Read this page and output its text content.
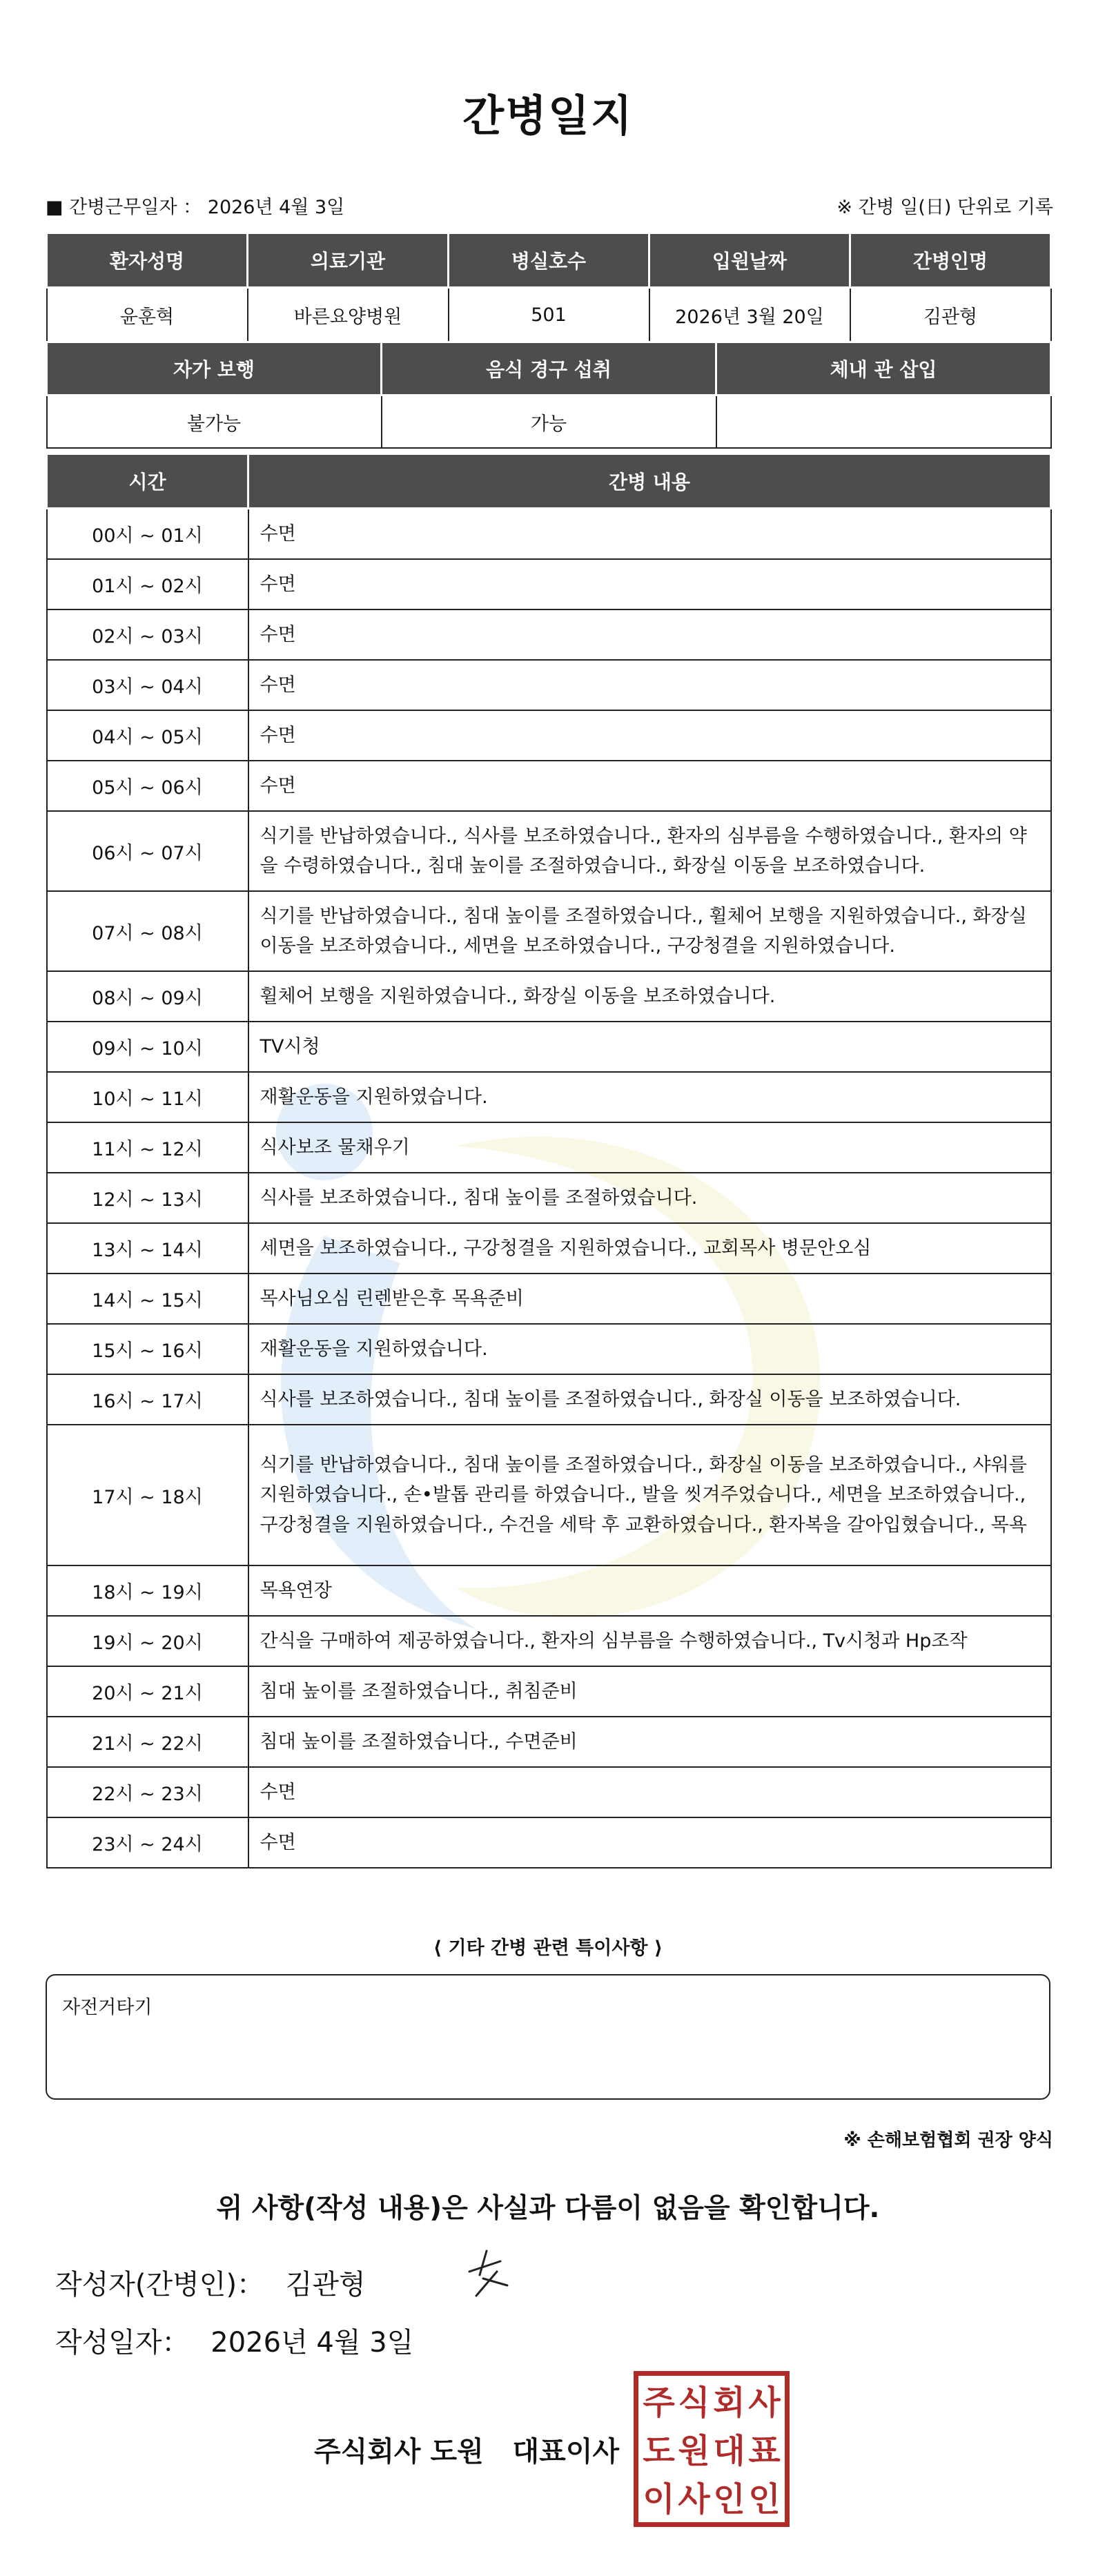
간병일지
■ 간병근무일자 ： 2026년 4월 3일	※ 간병 일(日) 단위로 기록
환자성명	의료기관	병실호수	입원날짜	간병인명
윤훈혁	바른요양병원	501	2026년 3월 20일	김관형
자가 보행	음식 경구 섭취	체내 관 삽입
불가능	가능	
시간	간병 내용
00시 ~ 01시	수면
01시 ~ 02시	수면
02시 ~ 03시	수면
03시 ~ 04시	수면
04시 ~ 05시	수면
05시 ~ 06시	수면
06시 ~ 07시	식기를 반납하였습니다., 식사를 보조하였습니다., 환자의 심부름을 수행하였습니다., 환자의 약을 수령하였습니다., 침대 높이를 조절하였습니다., 화장실 이동을 보조하였습니다.
07시 ~ 08시	식기를 반납하였습니다., 침대 높이를 조절하였습니다., 휠체어 보행을 지원하였습니다., 화장실 이동을 보조하였습니다., 세면을 보조하였습니다., 구강청결을 지원하였습니다.
08시 ~ 09시	휠체어 보행을 지원하였습니다., 화장실 이동을 보조하였습니다.
09시 ~ 10시	TV시청
10시 ~ 11시	재활운동을 지원하였습니다.
11시 ~ 12시	식사보조 물채우기
12시 ~ 13시	식사를 보조하였습니다., 침대 높이를 조절하였습니다.
13시 ~ 14시	세면을 보조하였습니다., 구강청결을 지원하였습니다., 교회목사 병문안오심
14시 ~ 15시	목사님오심 린렌받은후 목욕준비
15시 ~ 16시	재활운동을 지원하였습니다.
16시 ~ 17시	식사를 보조하였습니다., 침대 높이를 조절하였습니다., 화장실 이동을 보조하였습니다.
17시 ~ 18시	식기를 반납하였습니다., 침대 높이를 조절하였습니다., 화장실 이동을 보조하였습니다., 샤워를 지원하였습니다., 손•발톱 관리를 하였습니다., 발을 씻겨주었습니다., 세면을 보조하였습니다., 구강청결을 지원하였습니다., 수건을 세탁 후 교환하였습니다., 환자복을 갈아입혔습니다., 목욕
18시 ~ 19시	목욕연장
19시 ~ 20시	간식을 구매하여 제공하였습니다., 환자의 심부름을 수행하였습니다., Tv시청과 Hp조작
20시 ~ 21시	침대 높이를 조절하였습니다., 취침준비
21시 ~ 22시	침대 높이를 조절하였습니다., 수면준비
22시 ~ 23시	수면
23시 ~ 24시	수면
⟨ 기타 간병 관련 특이사항 ⟩
자전거타기
※ 손해보험협회 권장 양식
위 사항(작성 내용)은 사실과 다름이 없음을 확인합니다.
작성자(간병인)： 김관형
작성일자： 2026년 4월 3일
주식회사 도원   대표이사
주 식 회 사
도 원 대 표
이 사 인 인
